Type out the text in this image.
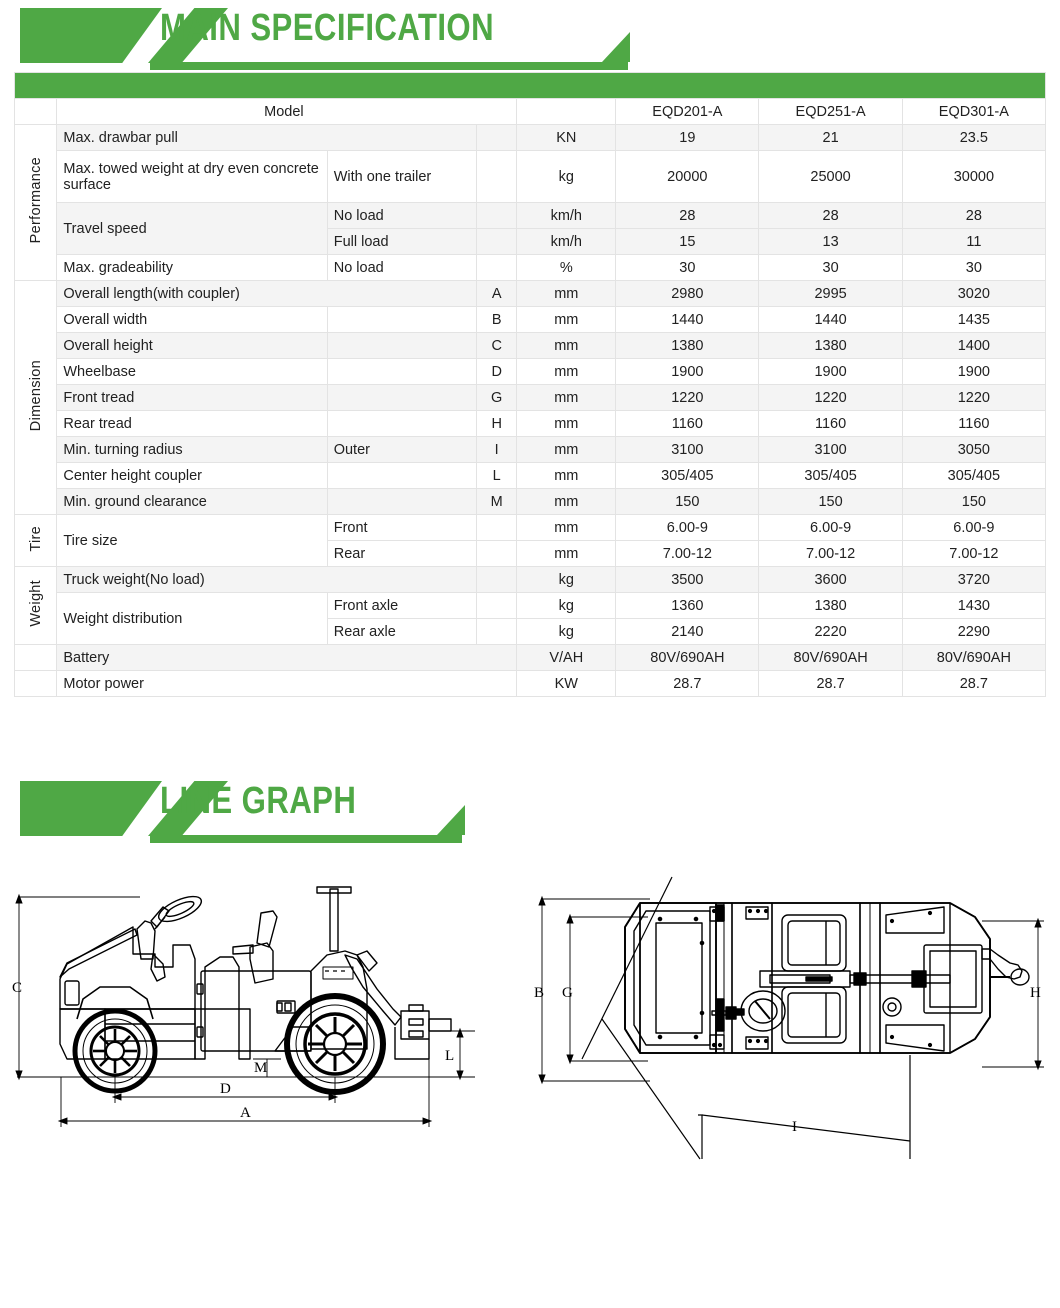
MAIN SPECIFICATION

	Model				EQD201-A	EQD251-A	EQD301-A
Performance	Max. drawbar pull			KN	19	21	23.5
	Max. towed weight at dry even concrete surface	With one trailer		kg	20000	25000	30000
	Travel speed	No load		km/h	28	28	28
		Full load		km/h	15	13	11
	Max. gradeability	No load		%	30	30	30
Dimension	Overall length(with coupler)		A	mm	2980	2995	3020
	Overall width		B	mm	1440	1440	1435
	Overall height		C	mm	1380	1380	1400
	Wheelbase		D	mm	1900	1900	1900
	Front tread		G	mm	1220	1220	1220
	Rear tread		H	mm	1160	1160	1160
	Min. turning radius	Outer	I	mm	3100	3100	3050
	Center height coupler		L	mm	305/405	305/405	305/405
	Min. ground clearance		M	mm	150	150	150
Tire	Tire size	Front		mm	6.00-9	6.00-9	6.00-9
		Rear		mm	7.00-12	7.00-12	7.00-12
Weight	Truck weight(No load)			kg	3500	3600	3720
	Weight distribution	Front axle		kg	1360	1380	1430
		Rear axle		kg	2140	2220	2290
	Battery			V/AH	80V/690AH	80V/690AH	80V/690AH
	Motor power			KW	28.7	28.7	28.7
LINE GRAPH
C
M
D
A
L
B G	H
I
